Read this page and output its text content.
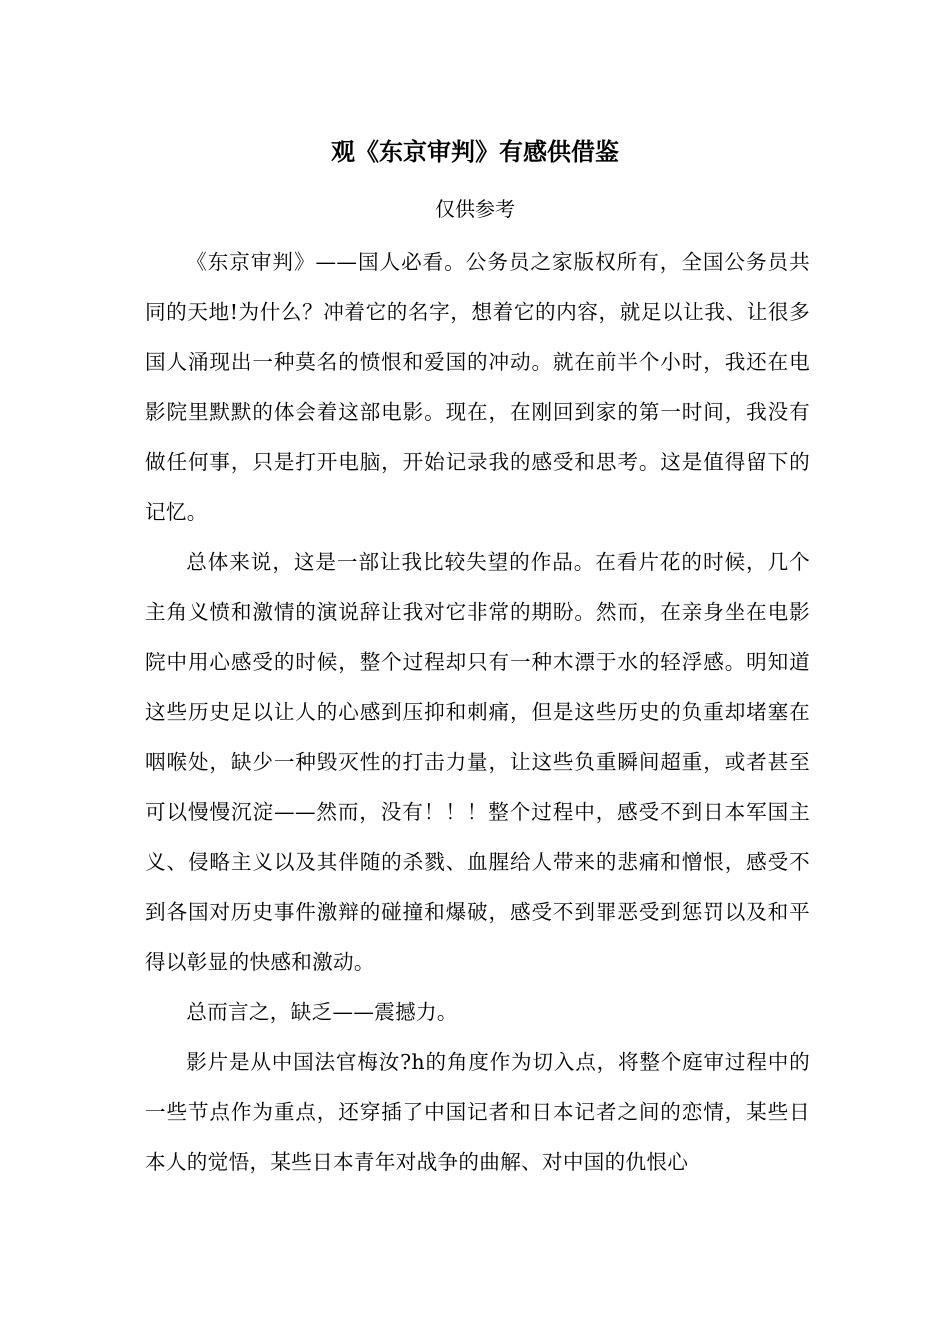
观《东京审判》有感供借鉴
仅供参考

《东京审判》——国人必看。公务员之家版权所有，全国公务员共同的天地!为什么？冲着它的名字，想着它的内容，就足以让我、让很多国人涌现出一种莫名的愤恨和爱国的冲动。就在前半个小时，我还在电影院里默默的体会着这部电影。现在，在刚回到家的第一时间，我没有做任何事，只是打开电脑，开始记录我的感受和思考。这是值得留下的记忆。

总体来说，这是一部让我比较失望的作品。在看片花的时候，几个主角义愤和激情的演说辞让我对它非常的期盼。然而，在亲身坐在电影院中用心感受的时候，整个过程却只有一种木漂于水的轻浮感。明知道这些历史足以让人的心感到压抑和刺痛，但是这些历史的负重却堵塞在咽喉处，缺少一种毁灭性的打击力量，让这些负重瞬间超重，或者甚至可以慢慢沉淀——然而，没有！！！整个过程中，感受不到日本军国主义、侵略主义以及其伴随的杀戮、血腥给人带来的悲痛和憎恨，感受不到各国对历史事件激辩的碰撞和爆破，感受不到罪恶受到惩罚以及和平得以彰显的快感和激动。

总而言之，缺乏——震撼力。

影片是从中国法官梅汝?h的角度作为切入点，将整个庭审过程中的一些节点作为重点，还穿插了中国记者和日本记者之间的恋情，某些日本人的觉悟，某些日本青年对战争的曲解、对中国的仇恨心
